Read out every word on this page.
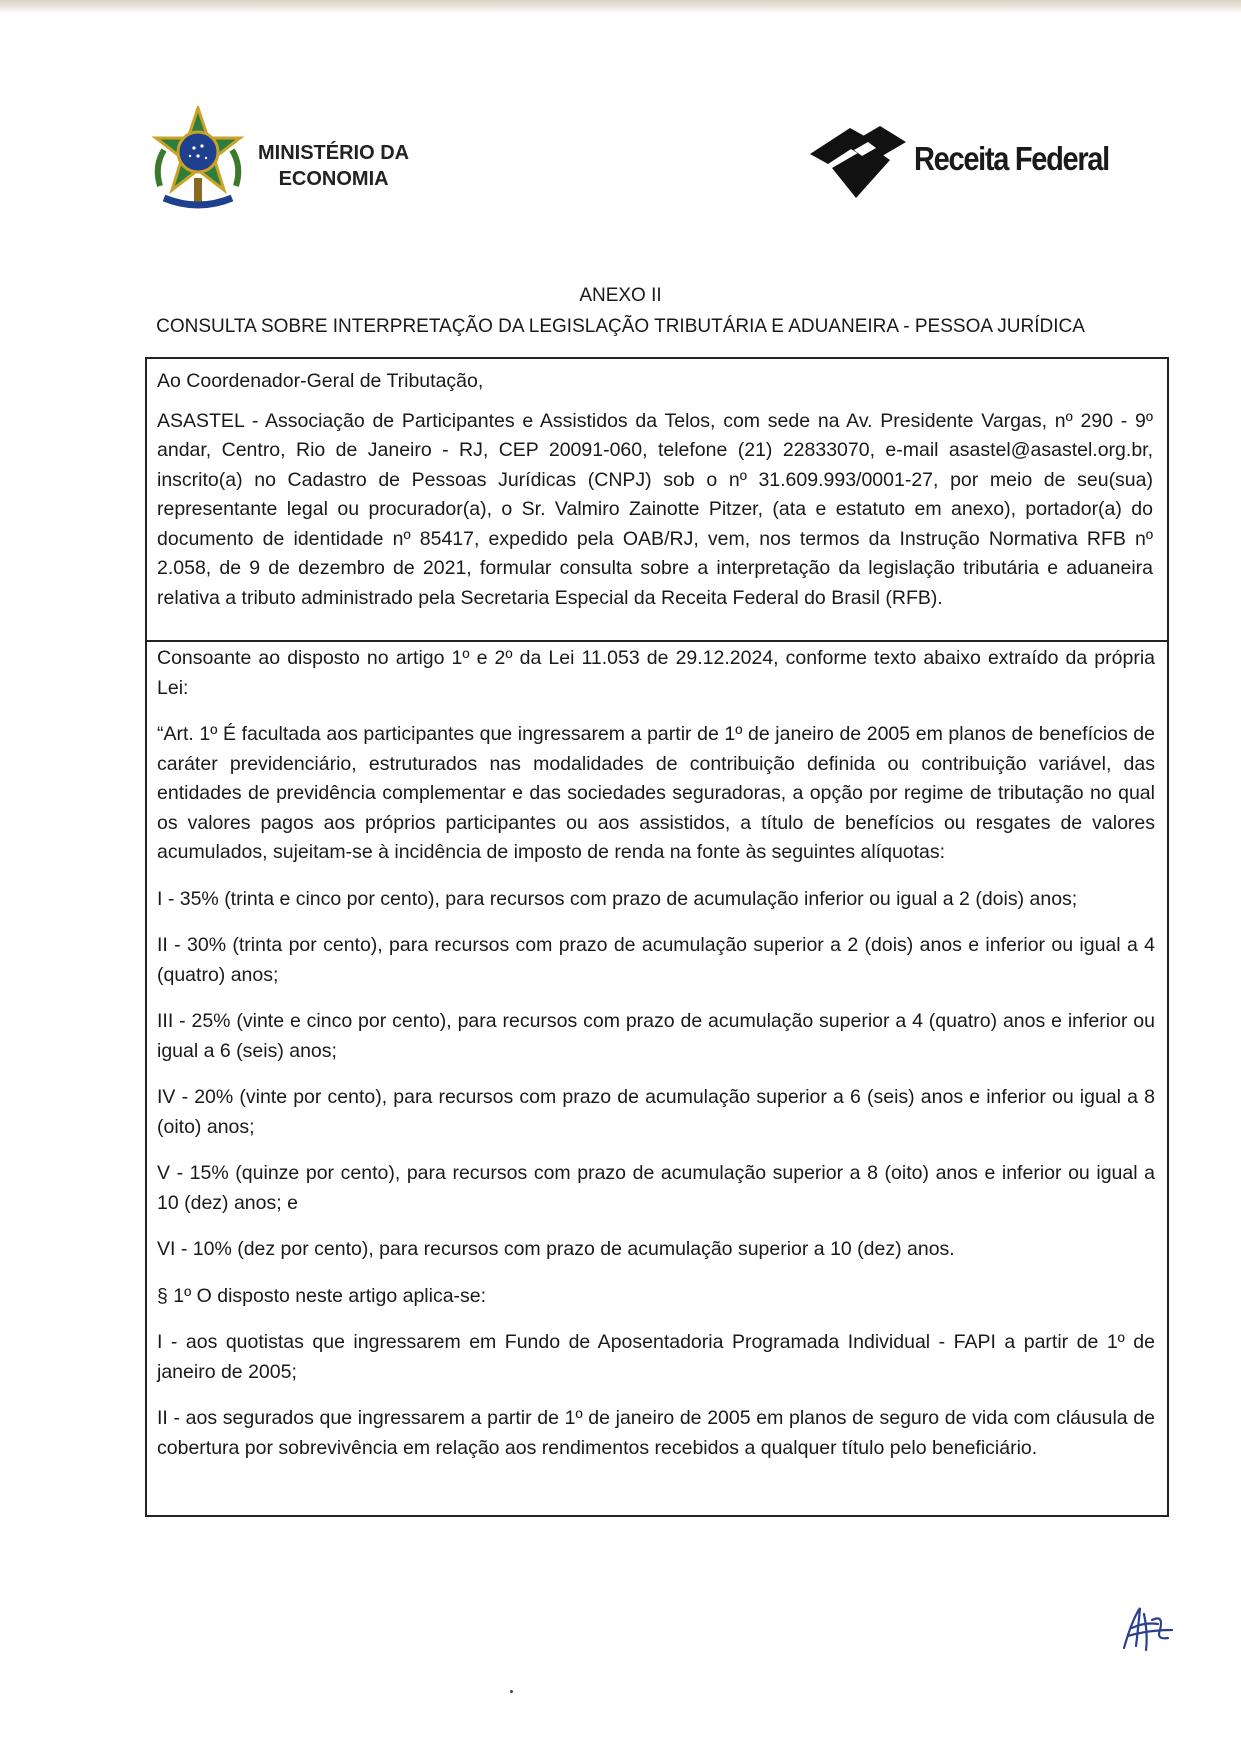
MINISTÉRIO DA
ECONOMIA
Receita Federal
ANEXO II
CONSULTA SOBRE INTERPRETAÇÃO DA LEGISLAÇÃO TRIBUTÁRIA E ADUANEIRA - PESSOA JURÍDICA

Ao Coordenador-Geral de Tributação,

ASASTEL - Associação de Participantes e Assistidos da Telos, com sede na Av. Presidente Vargas, nº 290 - 9º andar, Centro, Rio de Janeiro - RJ, CEP 20091-060, telefone (21) 22833070, e-mail asastel@asastel.org.br, inscrito(a) no Cadastro de Pessoas Jurídicas (CNPJ) sob o nº 31.609.993/0001-27, por meio de seu(sua) representante legal ou procurador(a), o Sr. Valmiro Zainotte Pitzer, (ata e estatuto em anexo), portador(a) do documento de identidade nº 85417, expedido pela OAB/RJ, vem, nos termos da Instrução Normativa RFB nº 2.058, de 9 de dezembro de 2021, formular consulta sobre a interpretação da legislação tributária e aduaneira relativa a tributo administrado pela Secretaria Especial da Receita Federal do Brasil (RFB).

Consoante ao disposto no artigo 1º e 2º da Lei 11.053 de 29.12.2024, conforme texto abaixo extraído da própria Lei:

“Art. 1º É facultada aos participantes que ingressarem a partir de 1º de janeiro de 2005 em planos de benefícios de caráter previdenciário, estruturados nas modalidades de contribuição definida ou contribuição variável, das entidades de previdência complementar e das sociedades seguradoras, a opção por regime de tributação no qual os valores pagos aos próprios participantes ou aos assistidos, a título de benefícios ou resgates de valores acumulados, sujeitam-se à incidência de imposto de renda na fonte às seguintes alíquotas:

I - 35% (trinta e cinco por cento), para recursos com prazo de acumulação inferior ou igual a 2 (dois) anos;

II - 30% (trinta por cento), para recursos com prazo de acumulação superior a 2 (dois) anos e inferior ou igual a 4 (quatro) anos;

III - 25% (vinte e cinco por cento), para recursos com prazo de acumulação superior a 4 (quatro) anos e inferior ou igual a 6 (seis) anos;

IV - 20% (vinte por cento), para recursos com prazo de acumulação superior a 6 (seis) anos e inferior ou igual a 8 (oito) anos;

V - 15% (quinze por cento), para recursos com prazo de acumulação superior a 8 (oito) anos e inferior ou igual a 10 (dez) anos; e

VI - 10% (dez por cento), para recursos com prazo de acumulação superior a 10 (dez) anos.

§ 1º O disposto neste artigo aplica-se:

I - aos quotistas que ingressarem em Fundo de Aposentadoria Programada Individual - FAPI a partir de 1º de janeiro de 2005;

II - aos segurados que ingressarem a partir de 1º de janeiro de 2005 em planos de seguro de vida com cláusula de cobertura por sobrevivência em relação aos rendimentos recebidos a qualquer título pelo beneficiário.
